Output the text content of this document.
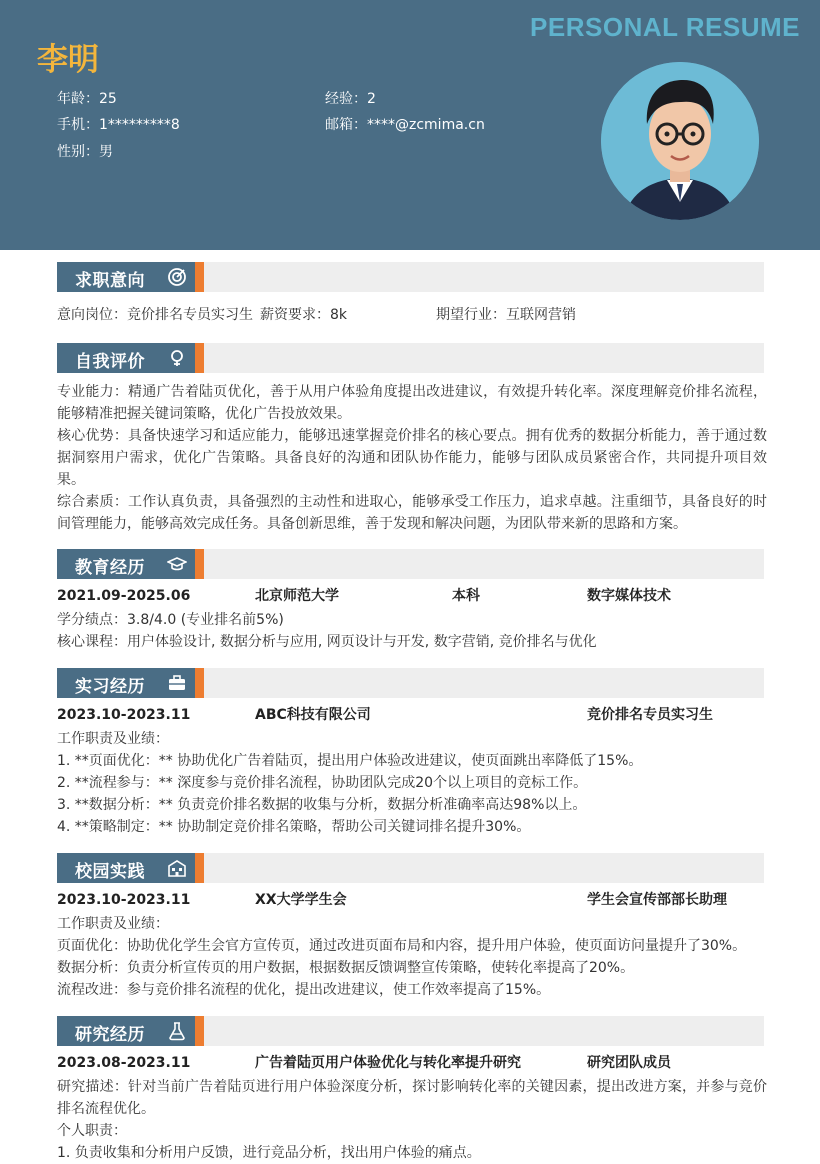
PERSONAL RESUME
李明
年龄：25	经验：2
手机：1*********8	邮箱：****@zcmima.cn
性别：男
求职意向
意向岗位：竞价排名专员实习生 薪资要求：8k	期望行业：互联网营销
自我评价
专业能力：精通广告着陆页优化，善于从用户体验角度提出改进建议，有效提升转化率。深度理解竞价排名流程，能够精准把握关键词策略，优化广告投放效果。
核心优势：具备快速学习和适应能力，能够迅速掌握竞价排名的核心要点。拥有优秀的数据分析能力，善于通过数据洞察用户需求，优化广告策略。具备良好的沟通和团队协作能力，能够与团队成员紧密合作，共同提升项目效果。
综合素质：工作认真负责，具备强烈的主动性和进取心，能够承受工作压力，追求卓越。注重细节，具备良好的时间管理能力，能够高效完成任务。具备创新思维，善于发现和解决问题，为团队带来新的思路和方案。
教育经历
2021.09-2025.06	北京师范大学	本科	数字媒体技术
学分绩点：3.8/4.0 (专业排名前5%)
核心课程：用户体验设计, 数据分析与应用, 网页设计与开发, 数字营销, 竞价排名与优化
实习经历
2023.10-2023.11	ABC科技有限公司	竞价排名专员实习生
工作职责及业绩：
1. **页面优化：** 协助优化广告着陆页，提出用户体验改进建议，使页面跳出率降低了15%。
2. **流程参与：** 深度参与竞价排名流程，协助团队完成20个以上项目的竞标工作。
3. **数据分析：** 负责竞价排名数据的收集与分析，数据分析准确率高达98%以上。
4. **策略制定：** 协助制定竞价排名策略，帮助公司关键词排名提升30%。
校园实践
2023.10-2023.11	XX大学学生会	学生会宣传部部长助理
工作职责及业绩：
页面优化：协助优化学生会官方宣传页，通过改进页面布局和内容，提升用户体验，使页面访问量提升了30%。
数据分析：负责分析宣传页的用户数据，根据数据反馈调整宣传策略，使转化率提高了20%。
流程改进：参与竞价排名流程的优化，提出改进建议，使工作效率提高了15%。
研究经历
2023.08-2023.11	广告着陆页用户体验优化与转化率提升研究	研究团队成员
研究描述：针对当前广告着陆页进行用户体验深度分析，探讨影响转化率的关键因素，提出改进方案，并参与竞价排名流程优化。
个人职责：
1. 负责收集和分析用户反馈，进行竞品分析，找出用户体验的痛点。
